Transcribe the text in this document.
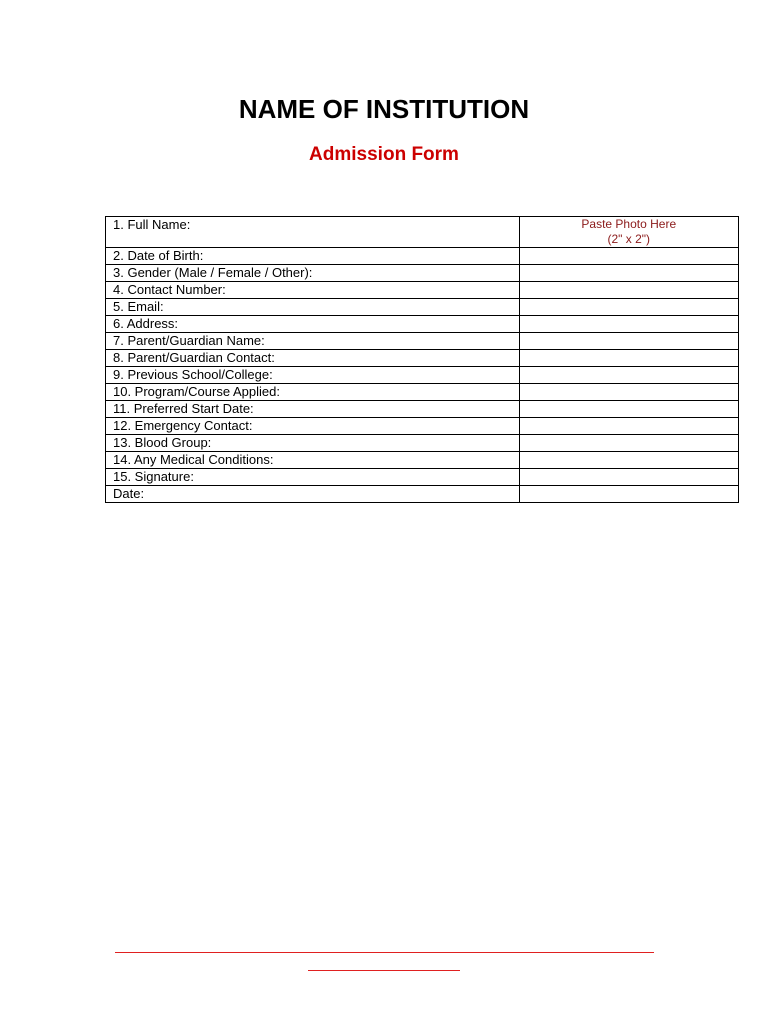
NAME OF INSTITUTION
Admission Form
1. Full Name:	Paste Photo Here
(2" x 2")

2. Date of Birth:	
3. Gender (Male / Female / Other):	
4. Contact Number:	
5. Email:	
6. Address:	
7. Parent/Guardian Name:	
8. Parent/Guardian Contact:	
9. Previous School/College:	
10. Program/Course Applied:	
11. Preferred Start Date:	
12. Emergency Contact:	
13. Blood Group:	
14. Any Medical Conditions:	
15. Signature:	
Date:	
